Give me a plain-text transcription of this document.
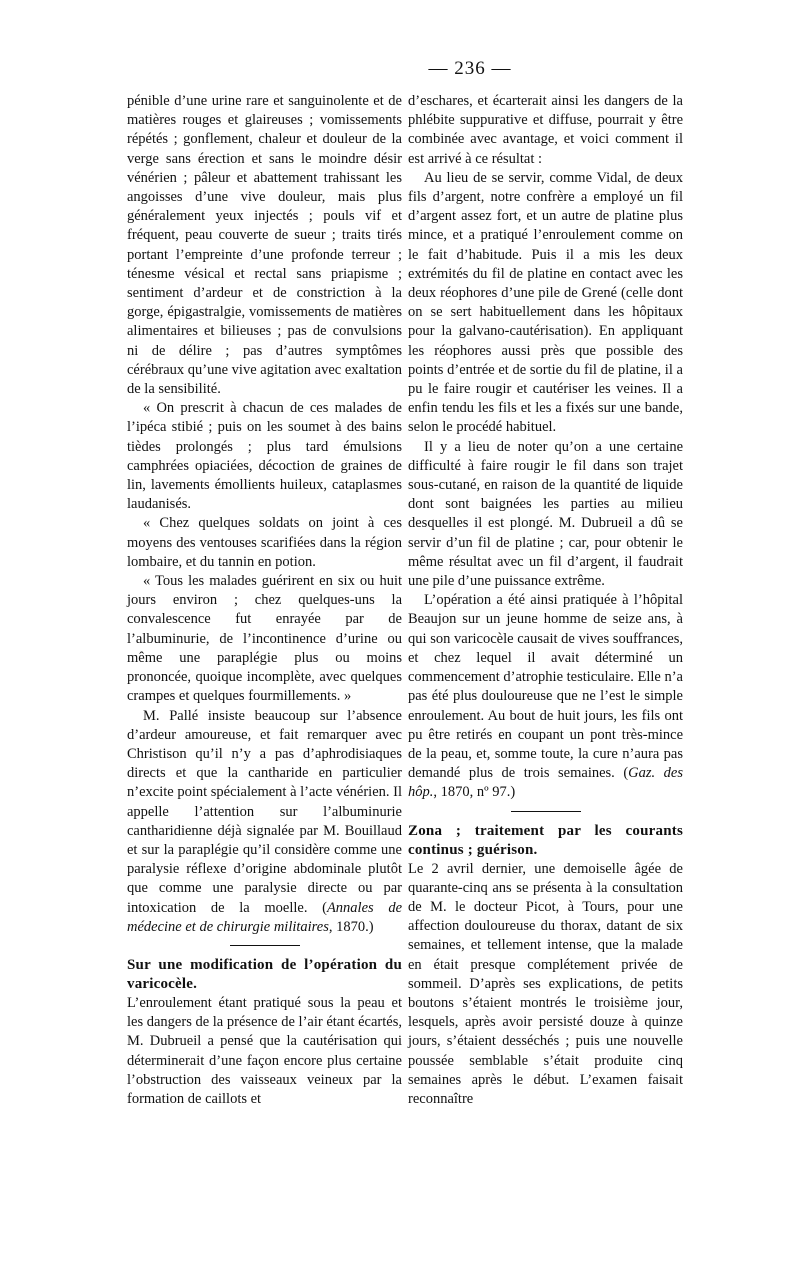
— 236 —

pénible d’une urine rare et sanguinolente et de matières rouges et glaireuses ; vomissements répétés ; gonflement, chaleur et douleur de la verge sans érection et sans le moindre désir vénérien ; pâleur et abattement trahissant les angoisses d’une vive douleur, mais plus généralement yeux injectés ; pouls vif et fréquent, peau couverte de sueur ; traits tirés portant l’empreinte d’une profonde terreur ; ténesme vésical et rectal sans priapisme ; sentiment d’ardeur et de constriction à la gorge, épigastralgie, vomissements de matières alimentaires et bilieuses ; pas de convulsions ni de délire ; pas d’autres symptômes cérébraux qu’une vive agitation avec exaltation de la sensibilité.

« On prescrit à chacun de ces malades de l’ipéca stibié ; puis on les soumet à des bains tièdes prolongés ; plus tard émulsions camphrées opiaciées, décoction de graines de lin, lavements émollients huileux, cataplasmes laudanisés.

« Chez quelques soldats on joint à ces moyens des ventouses scarifiées dans la région lombaire, et du tannin en potion.

« Tous les malades guérirent en six ou huit jours environ ; chez quelques-uns la convalescence fut enrayée par de l’albuminurie, de l’incontinence d’urine ou même une paraplégie plus ou moins prononcée, quoique incomplète, avec quelques crampes et quelques fourmillements. »

M. Pallé insiste beaucoup sur l’absence d’ardeur amoureuse, et fait remarquer avec Christison qu’il n’y a pas d’aphrodisiaques directs et que la cantharide en particulier n’excite point spécialement à l’acte vénérien. Il appelle l’attention sur l’albuminurie cantharidienne déjà signalée par M. Bouillaud et sur la paraplégie qu’il considère comme une paralysie réflexe d’origine abdominale plutôt que comme une paralysie directe ou par intoxication de la moelle. (Annales de médecine et de chirurgie militaires, 1870.)

Sur une modification de l’opération du varicocèle.

L’enroulement étant pratiqué sous la peau et les dangers de la présence de l’air étant écartés, M. Dubrueil a pensé que la cautérisation qui déterminerait d’une façon encore plus certaine l’obstruction des vaisseaux veineux par la formation de caillots et

d’eschares, et écarterait ainsi les dangers de la phlébite suppurative et diffuse, pourrait y être combinée avec avantage, et voici comment il est arrivé à ce résultat :

Au lieu de se servir, comme Vidal, de deux fils d’argent, notre confrère a employé un fil d’argent assez fort, et un autre de platine plus mince, et a pratiqué l’enroulement comme on le fait d’habitude. Puis il a mis les deux extrémités du fil de platine en contact avec les deux réophores d’une pile de Grené (celle dont on se sert habituellement dans les hôpitaux pour la galvano-cautérisation). En appliquant les réophores aussi près que possible des points d’entrée et de sortie du fil de platine, il a pu le faire rougir et cautériser les veines. Il a enfin tendu les fils et les a fixés sur une bande, selon le procédé habituel.

Il y a lieu de noter qu’on a une certaine difficulté à faire rougir le fil dans son trajet sous-cutané, en raison de la quantité de liquide dont sont baignées les parties au milieu desquelles il est plongé. M. Dubrueil a dû se servir d’un fil de platine ; car, pour obtenir le même résultat avec un fil d’argent, il faudrait une pile d’une puissance extrême.

L’opération a été ainsi pratiquée à l’hôpital Beaujon sur un jeune homme de seize ans, à qui son varicocèle causait de vives souffrances, et chez lequel il avait déterminé un commencement d’atrophie testiculaire. Elle n’a pas été plus douloureuse que ne l’est le simple enroulement. Au bout de huit jours, les fils ont pu être retirés en coupant un pont très-mince de la peau, et, somme toute, la cure n’aura pas demandé plus de trois semaines. (Gaz. des hôp., 1870, nº 97.)

Zona ; traitement par les courants continus ; guérison.

Le 2 avril dernier, une demoiselle âgée de quarante-cinq ans se présenta à la consultation de M. le docteur Picot, à Tours, pour une affection douloureuse du thorax, datant de six semaines, et tellement intense, que la malade en était presque complétement privée de sommeil. D’après ses explications, de petits boutons s’étaient montrés le troisième jour, lesquels, après avoir persisté douze à quinze jours, s’étaient desséchés ; puis une nouvelle poussée semblable s’était produite cinq semaines après le début. L’examen faisait reconnaître
